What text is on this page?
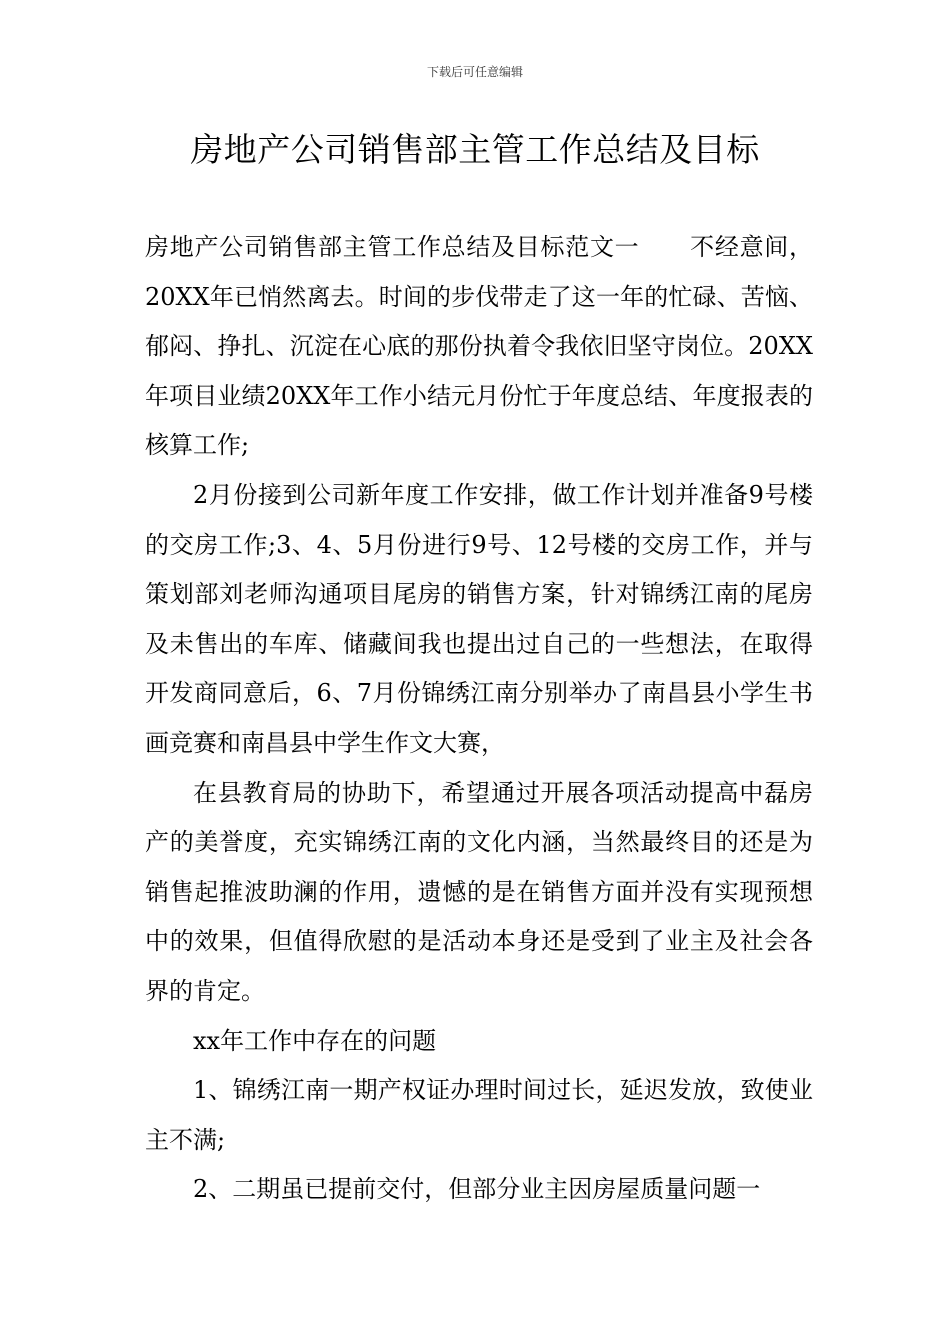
下载后可任意编辑
房地产公司销售部主管工作总结及目标

房地产公司销售部主管工作总结及目标范文一 不经意间，20XX年已悄然离去。时间的步伐带走了这一年的忙碌、苦恼、郁闷、挣扎、沉淀在心底的那份执着令我依旧坚守岗位。20XX年项目业绩20XX年工作小结元月份忙于年度总结、年度报表的核算工作;

2月份接到公司新年度工作安排，做工作计划并准备9号楼的交房工作;3、4、5月份进行9号、12号楼的交房工作，并与策划部刘老师沟通项目尾房的销售方案，针对锦绣江南的尾房及未售出的车库、储藏间我也提出过自己的一些想法，在取得开发商同意后，6、7月份锦绣江南分别举办了南昌县小学生书画竞赛和南昌县中学生作文大赛，

在县教育局的协助下，希望通过开展各项活动提高中磊房产的美誉度，充实锦绣江南的文化内涵，当然最终目的还是为销售起推波助澜的作用，遗憾的是在销售方面并没有实现预想中的效果，但值得欣慰的是活动本身还是受到了业主及社会各界的肯定。

xx年工作中存在的问题

1、锦绣江南一期产权证办理时间过长，延迟发放，致使业主不满;

2、二期虽已提前交付，但部分业主因房屋质量问题一
